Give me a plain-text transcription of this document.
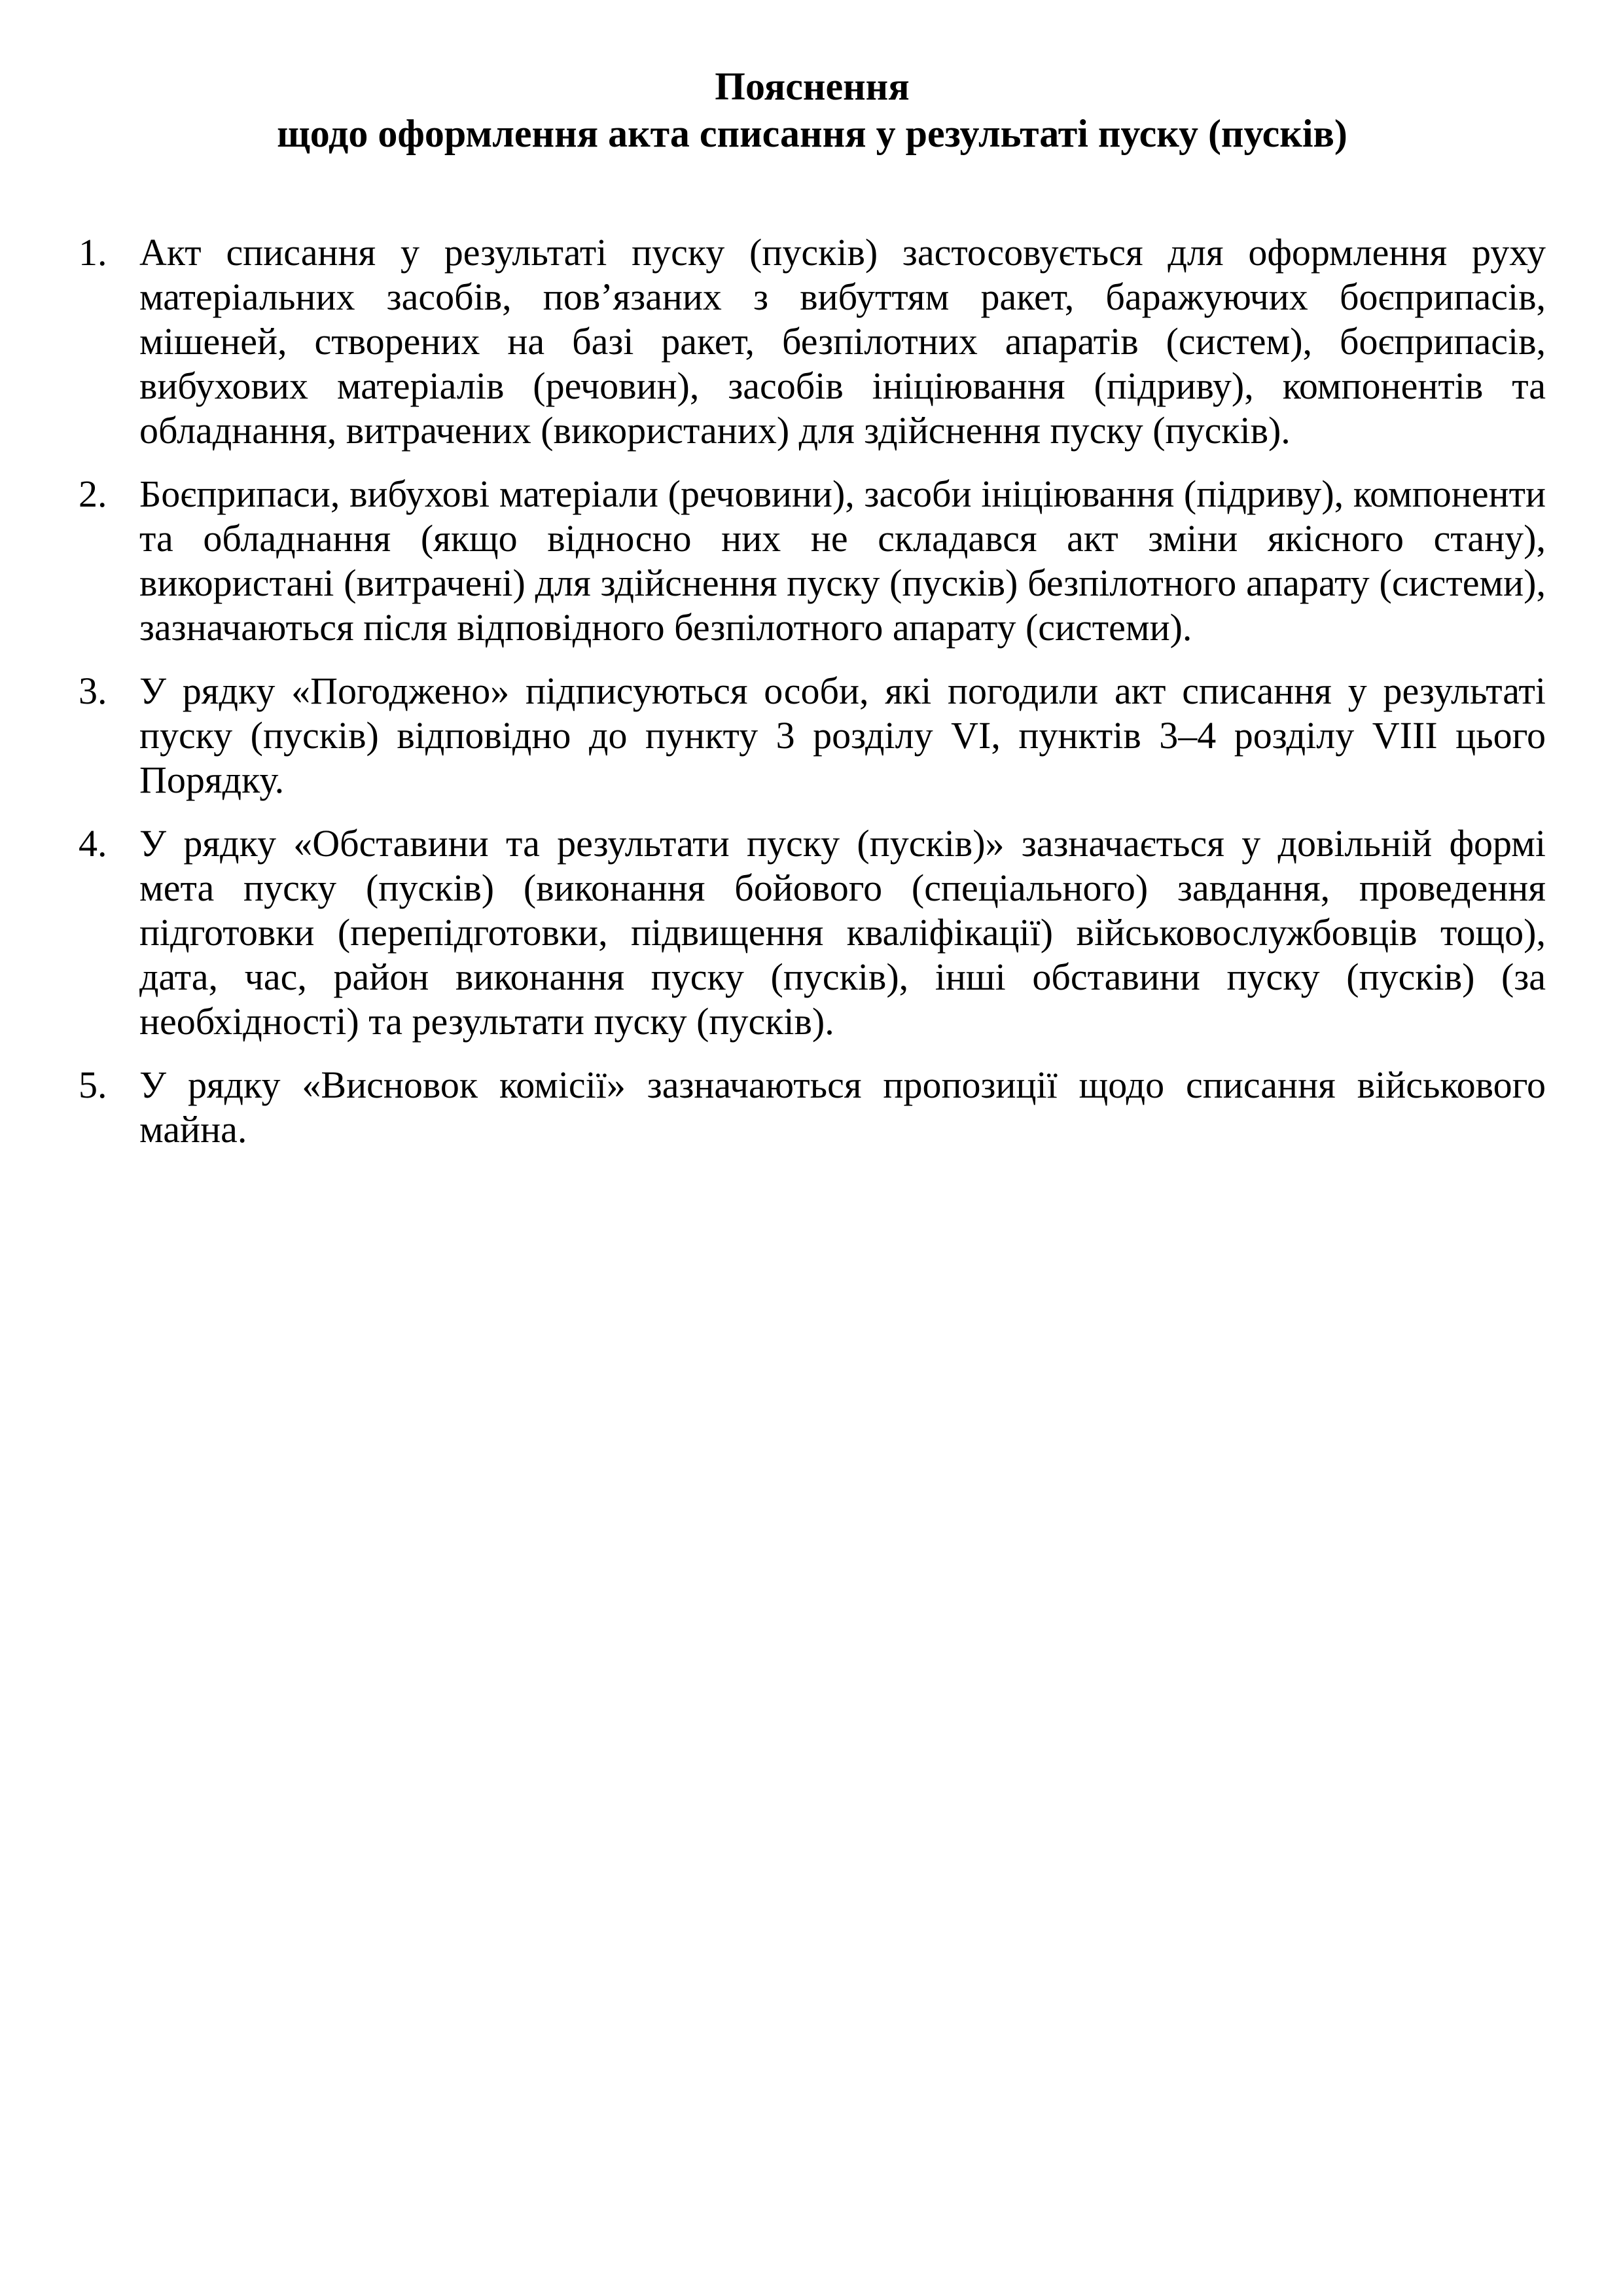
Пояснення
щодо оформлення акта списання у результаті пуску (пусків)
1. Акт списання у результаті пуску (пусків) застосовується для оформлення руху матеріальних засобів, пов’язаних з вибуттям ракет, баражуючих боєприпасів, мішеней, створених на базі ракет, безпілотних апаратів (систем), боєприпасів, вибухових матеріалів (речовин), засобів ініціювання (підриву), компонентів та обладнання, витрачених (використаних) для здійснення пуску (пусків).
2. Боєприпаси, вибухові матеріали (речовини), засоби ініціювання (підриву), компоненти та обладнання (якщо відносно них не складався акт зміни якісного стану), використані (витрачені) для здійснення пуску (пусків) безпілотного апарату (системи), зазначаються після відповідного безпілотного апарату (системи).
3. У рядку «Погоджено» підписуються особи, які погодили акт списання у результаті пуску (пусків) відповідно до пункту 3 розділу VI, пунктів 3–4 розділу VIII цього Порядку.
4. У рядку «Обставини та результати пуску (пусків)» зазначається у довільній формі мета пуску (пусків) (виконання бойового (спеціального) завдання, проведення підготовки (перепідготовки, підвищення кваліфікації) військовослужбовців тощо), дата, час, район виконання пуску (пусків), інші обставини пуску (пусків) (за необхідності) та результати пуску (пусків).
5. У рядку «Висновок комісії» зазначаються пропозиції щодо списання військового майна.
